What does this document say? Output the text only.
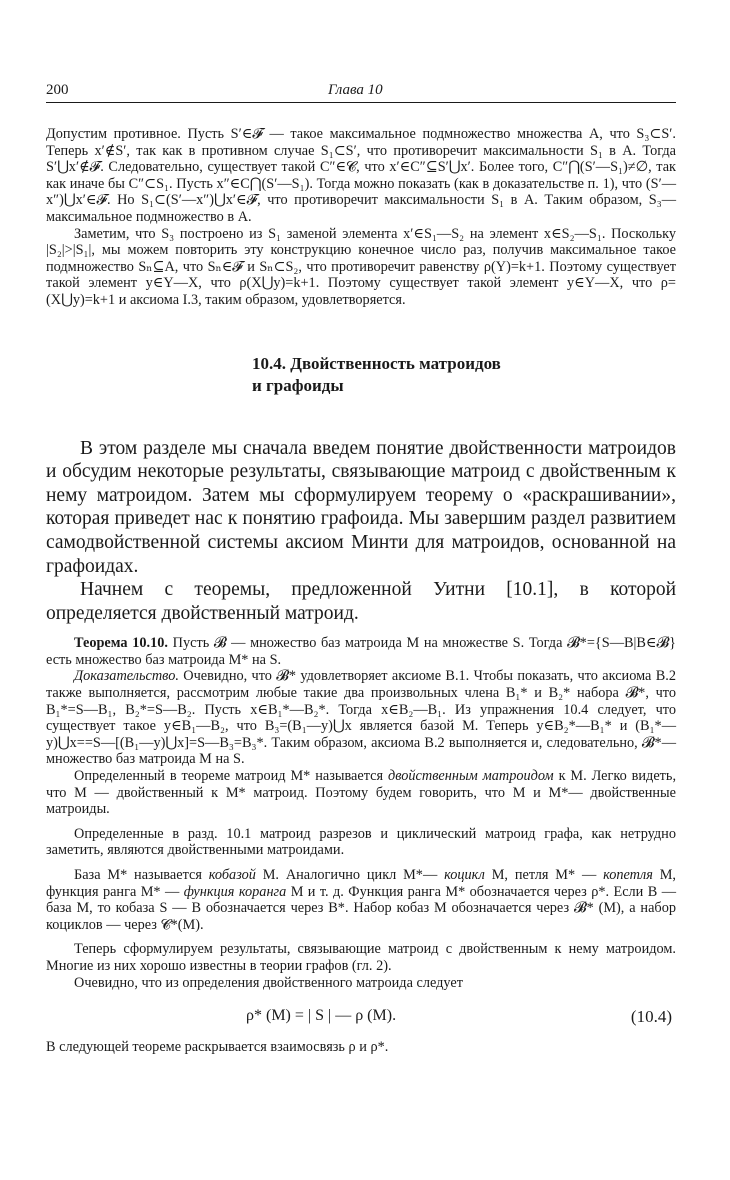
200	Глава 10

Допустим противное. Пусть S′∈𝓕 — такое максимальное подмножество множества A, что S₃⊂S′. Теперь x′∉S′, так как в противном случае S₁⊂S′, что противоречит максимальности S₁ в A. Тогда S′⋃x′∉𝓕. Следовательно, существует такой C″∈𝓒, что x′∈C″⊆S′⋃x′. Более того, C″⋂(S′—S₁)≠∅, так как иначе бы C″⊂S₁. Пусть x″∈C⋂(S′—S₁). Тогда можно показать (как в доказательстве п. 1), что (S′—x″)⋃x′∈𝓕. Но S₁⊂(S′—x″)⋃x′∈𝓕, что противоречит максимальности S₁ в A. Таким образом, S₃— максимальное подмножество в A.

Заметим, что S₃ построено из S₁ заменой элемента x′∈S₁—S₂ на элемент x∈S₂—S₁. Поскольку |S₂|>|S₁|, мы можем повторить эту конструкцию конечное число раз, получив максимальное такое подмножество Sₙ⊆A, что Sₙ∈𝓕 и Sₙ⊂S₂, что противоречит равенству ρ(Y)=k+1. Поэтому существует такой элемент y∈Y—X, что ρ(X⋃y)=k+1. Поэтому существует такой элемент y∈Y—X, что ρ=(X⋃y)=k+1 и аксиома I.3, таким образом, удовлетворяется.

10.4. Двойственность матроидов
и графоиды

В этом разделе мы сначала введем понятие двойственности матроидов и обсудим некоторые результаты, связывающие матроид с двойственным к нему матроидом. Затем мы сформулируем теорему о «раскрашивании», которая приведет нас к понятию графоида. Мы завершим раздел развитием самодвойственной системы аксиом Минти для матроидов, основанной на графоидах.

Начнем с теоремы, предложенной Уитни [10.1], в которой определяется двойственный матроид.

Теорема 10.10. Пусть 𝓑 — множество баз матроида M на множестве S. Тогда 𝓑*={S—B|B∈𝓑} есть множество баз матроида M* на S.

Доказательство. Очевидно, что 𝓑* удовлетворяет аксиоме B.1. Чтобы показать, что аксиома B.2 также выполняется, рассмотрим любые такие два произвольных члена B₁* и B₂* набора 𝓑*, что B₁*=S—B₁, B₂*=S—B₂. Пусть x∈B₁*—B₂*. Тогда x∈B₂—B₁. Из упражнения 10.4 следует, что существует такое y∈B₁—B₂, что B₃=(B₁—y)⋃x является базой M. Теперь y∈B₂*—B₁* и (B₁*—y)⋃x==S—[(B₁—y)⋃x]=S—B₃=B₃*. Таким образом, аксиома B.2 выполняется и, следовательно, 𝓑*— множество баз матроида M на S.

Определенный в теореме матроид M* называется двойственным матроидом к M. Легко видеть, что M — двойственный к M* матроид. Поэтому будем говорить, что M и M*— двойственные матроиды.

Определенные в разд. 10.1 матроид разрезов и циклический матроид графа, как нетрудно заметить, являются двойственными матроидами.

База M* называется кобазой M. Аналогично цикл M*— коцикл M, петля M* — копетля M, функция ранга M* — функция коранга M и т. д. Функция ранга M* обозначается через ρ*. Если B — база M, то кобаза S — B обозначается через B*. Набор кобаз M обозначается через 𝓑* (M), а набор коциклов — через 𝓒*(M).

Теперь сформулируем результаты, связывающие матроид с двойственным к нему матроидом. Многие из них хорошо известны в теории графов (гл. 2).

Очевидно, что из определения двойственного матроида следует

ρ* (M) = | S | — ρ (M).	(10.4)

В следующей теореме раскрывается взаимосвязь ρ и ρ*.
